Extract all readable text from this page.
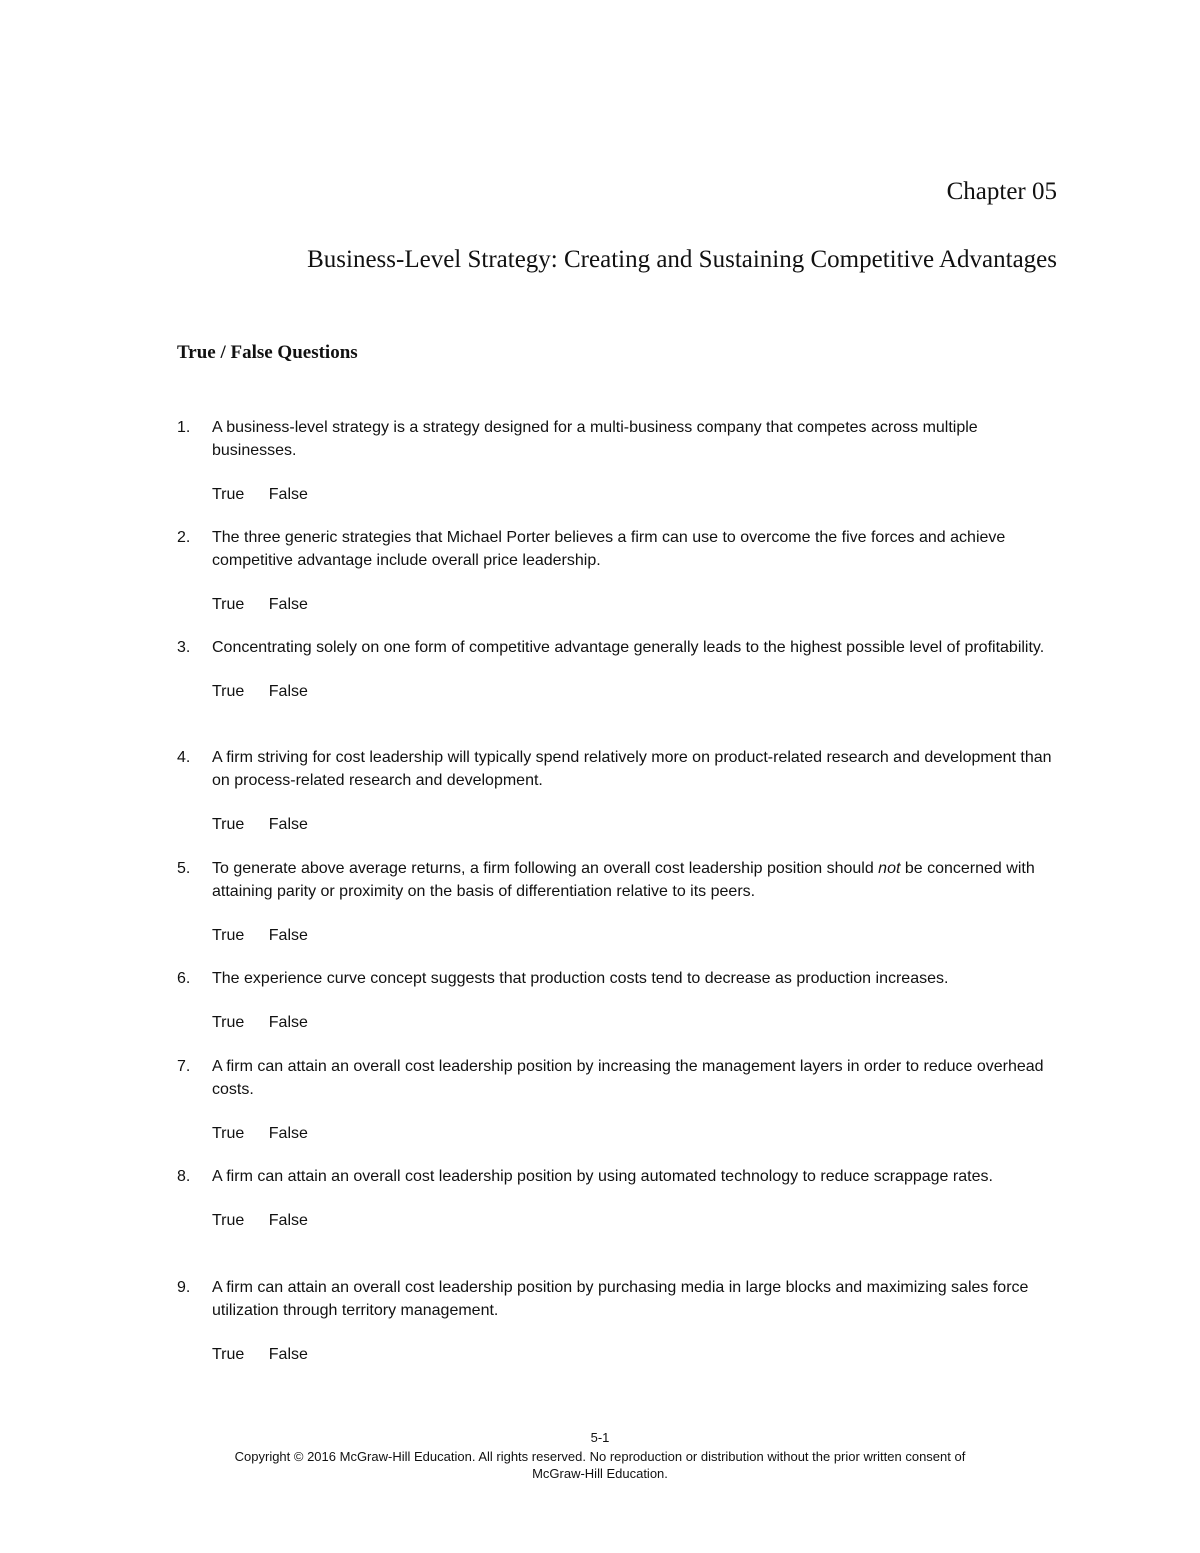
Chapter 05
Business-Level Strategy: Creating and Sustaining Competitive Advantages
True / False Questions
1. A business-level strategy is a strategy designed for a multi-business company that competes across multiple businesses.
True False
2. The three generic strategies that Michael Porter believes a firm can use to overcome the five forces and achieve competitive advantage include overall price leadership.
True False
3. Concentrating solely on one form of competitive advantage generally leads to the highest possible level of profitability.
True False
4. A firm striving for cost leadership will typically spend relatively more on product-related research and development than on process-related research and development.
True False
5. To generate above average returns, a firm following an overall cost leadership position should not be concerned with attaining parity or proximity on the basis of differentiation relative to its peers.
True False
6. The experience curve concept suggests that production costs tend to decrease as production increases.
True False
7. A firm can attain an overall cost leadership position by increasing the management layers in order to reduce overhead costs.
True False
8. A firm can attain an overall cost leadership position by using automated technology to reduce scrappage rates.
True False
9. A firm can attain an overall cost leadership position by purchasing media in large blocks and maximizing sales force utilization through territory management.
True False
5-1
Copyright © 2016 McGraw-Hill Education. All rights reserved. No reproduction or distribution without the prior written consent of
McGraw-Hill Education.
